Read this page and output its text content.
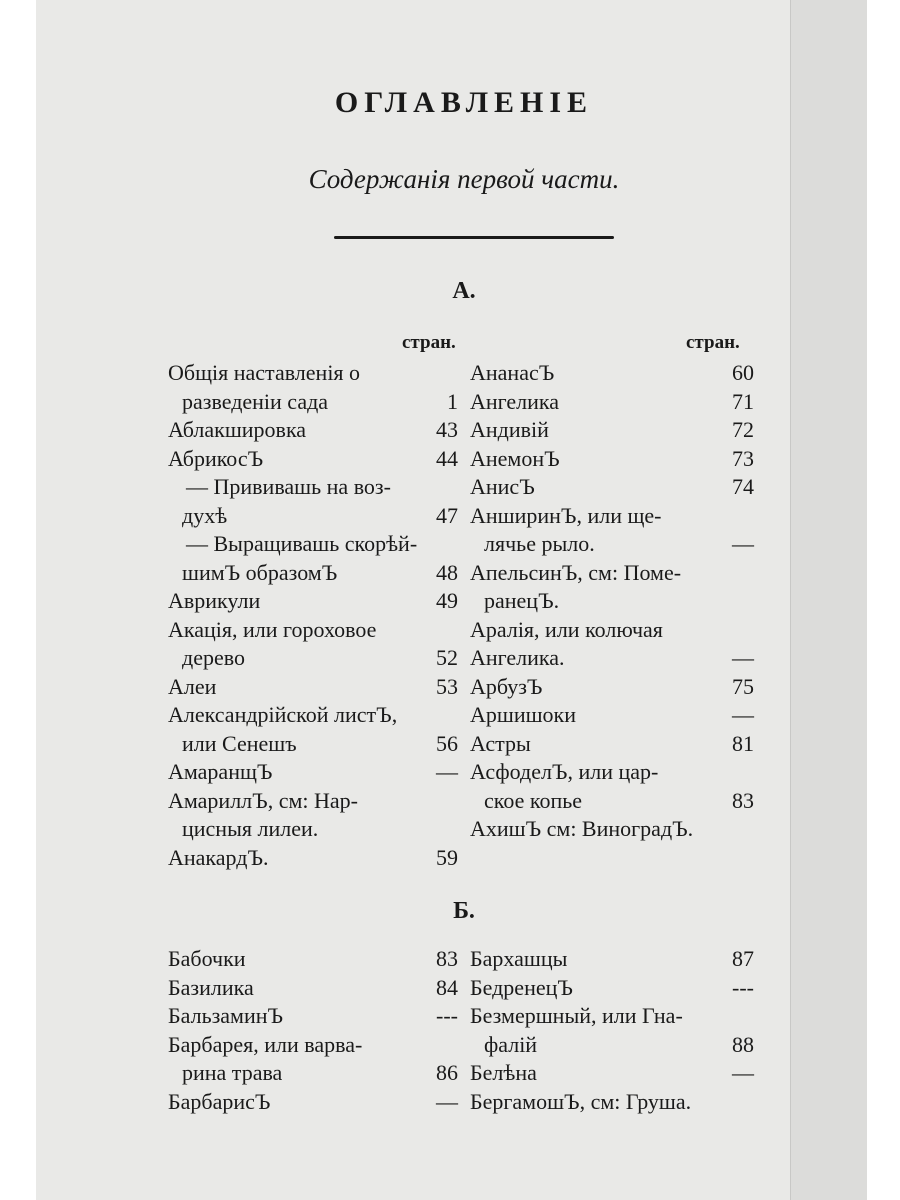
ОГЛАВЛЕНІЕ
Содержанія первой части.
А.
стран.	стран.
Общія наставленія о
разведеніи сада	1
Аблакшировка	43
АбрикосЪ	44
— Прививашь на воз-
духѣ	47
— Выращивашь скорѣй-
шимЪ образомЪ	48
Аврикули	49
Акація, или гороховое
дерево	52
Алеи	53
Александрійской листЪ,
или Сенешъ	56
АмаранщЪ	—
АмариллЪ, см: Нар-
цисныя лилеи.
АнакардЪ.	59
АнанасЪ	60
Ангелика	71
Андивій	72
АнемонЪ	73
АнисЪ	74
АнширинЪ, или ще-
лячье рыло.	—
АпельсинЪ, см: Поме-
ранецЪ.
Аралія, или колючая
Ангелика.	—
АрбузЪ	75
Аршишоки	—
Астры	81
АсфоделЪ, или цар-
ское копье	83
АхишЪ см: ВиноградЪ.
Б.
Бабочки	83
Базилика	84
БальзаминЪ	---
Барбарея, или варва-
рина трава	86
БарбарисЪ	—
Бархашцы	87
БедренецЪ	---
Безмершный, или Гна-
фалій	88
Белѣна	—
БергамошЪ, см: Груша.
